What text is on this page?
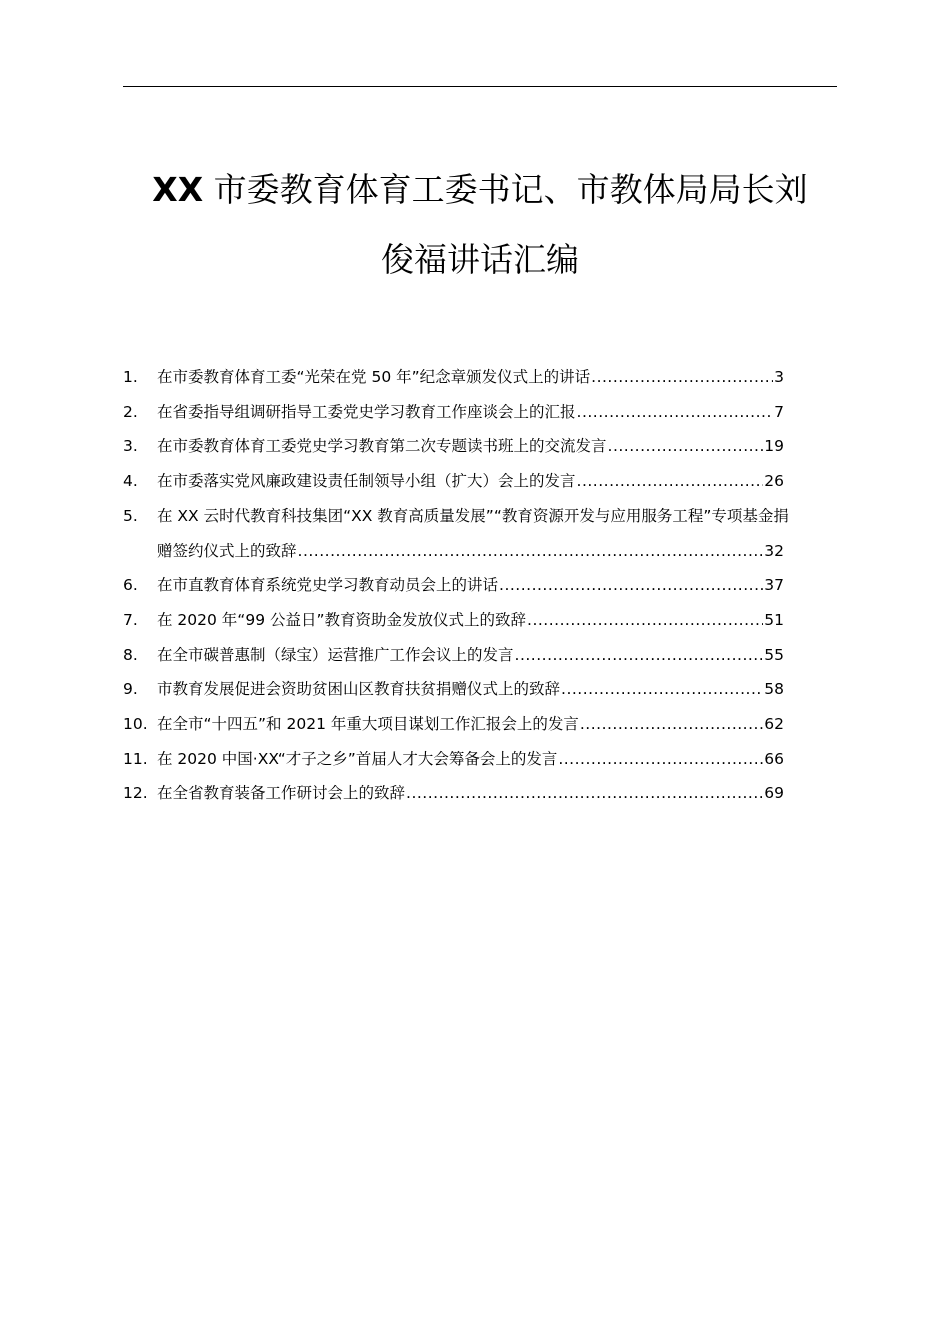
XX 市委教育体育工委书记、市教体局局长刘
俊福讲话汇编
1.	在市委教育体育工委“光荣在党 50 年”纪念章颁发仪式上的讲话 .....	3
2.	在省委指导组调研指导工委党史学习教育工作座谈会上的汇报 .....	7
3.	在市委教育体育工委党史学习教育第二次专题读书班上的交流发言 .....	19
4.	在市委落实党风廉政建设责任制领导小组（扩大）会上的发言 .....	26
5.	在 XX 云时代教育科技集团“XX 教育高质量发展”“教育资源开发与应用服务工程”专项基金捐
赠签约仪式上的致辞 .....	32
6.	在市直教育体育系统党史学习教育动员会上的讲话 .....	37
7.	在 2020 年“99 公益日”教育资助金发放仪式上的致辞 .....	51
8.	在全市碳普惠制（绿宝）运营推广工作会议上的发言 .....	55
9.	市教育发展促进会资助贫困山区教育扶贫捐赠仪式上的致辞 .....	58
10. 在全市“十四五”和 2021 年重大项目谋划工作汇报会上的发言 .....	62
11. 在 2020 中国·XX“才子之乡”首届人才大会筹备会上的发言 .....	66
12. 在全省教育装备工作研讨会上的致辞 .....	69
